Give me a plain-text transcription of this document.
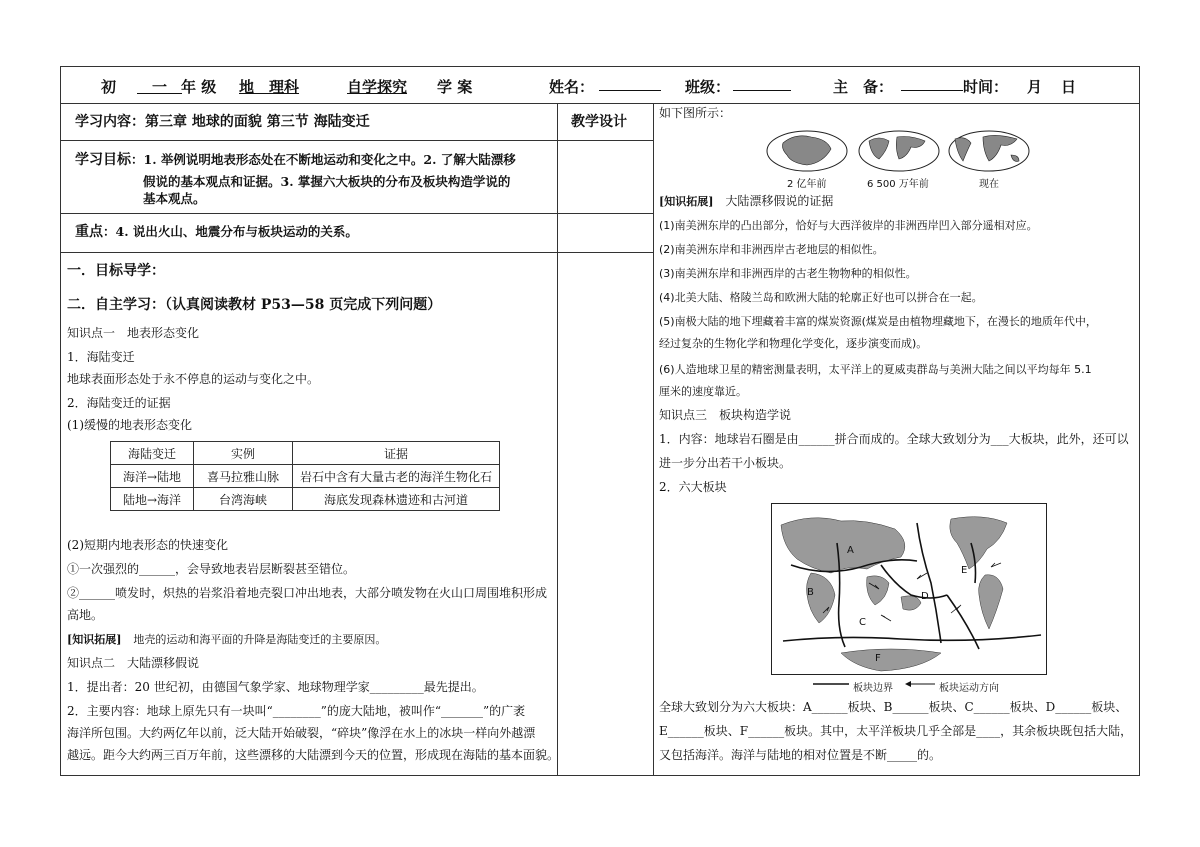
初
 	一  年 级 地　理科	自学探究 学 案	姓名：	班级：	主　备：	时间： 月 日
学习内容：第三章 地球的面貌 第三节 海陆变迁	教学设计
学习目标：1. 举例说明地表形态处在不断地运动和变化之中。2. 了解大陆漂移
假说的基本观点和证据。3. 掌握六大板块的分布及板块构造学说的
基本观点。
重点：4. 说出火山、地震分布与板块运动的关系。
一．目标导学：
二．自主学习：（认真阅读教材 P53—58 页完成下列问题）
知识点一　地表形态变化
1．海陆变迁
地球表面形态处于永不停息的运动与变化之中。
2．海陆变迁的证据
(1)缓慢的地表形态变化
海陆变迁	实例	证据
海洋→陆地	喜马拉雅山脉	岩石中含有大量古老的海洋生物化石
陆地→海洋	台湾海峡	海底发现森林遗迹和古河道
(2)短期内地表形态的快速变化
①一次强烈的______，会导致地表岩层断裂甚至错位。
②______喷发时，炽热的岩浆沿着地壳裂口冲出地表，大部分喷发物在火山口周围堆积形成
高地。
[知识拓展]  地壳的运动和海平面的升降是海陆变迁的主要原因。
知识点二　大陆漂移假说
1．提出者：20 世纪初，由德国气象学家、地球物理学家_________最先提出。
2．主要内容：地球上原先只有一块叫“________”的庞大陆地，被叫作“_______”的广袤
海洋所包围。大约两亿年以前，泛大陆开始破裂，“碎块”像浮在水上的冰块一样向外越漂
越远。距今大约两三百万年前，这些漂移的大陆漂到今天的位置，形成现在海陆的基本面貌。
如下图所示：
2 亿年前	6 500 万年前	现在
[知识拓展]  大陆漂移假说的证据
(1)南美洲东岸的凸出部分，恰好与大西洋彼岸的非洲西岸凹入部分遥相对应。
(2)南美洲东岸和非洲西岸古老地层的相似性。
(3)南美洲东岸和非洲西岸的古老生物物种的相似性。
(4)北美大陆、格陵兰岛和欧洲大陆的轮廓正好也可以拼合在一起。
(5)南极大陆的地下埋藏着丰富的煤炭资源(煤炭是由植物埋藏地下，在漫长的地质年代中，
经过复杂的生物化学和物理化学变化，逐步演变而成)。
(6)人造地球卫星的精密测量表明，太平洋上的夏威夷群岛与美洲大陆之间以平均每年 5.1
厘米的速度靠近。
知识点三　板块构造学说
1．内容：地球岩石圈是由______拼合而成的。全球大致划分为___大板块，此外，还可以
进一步分出若干小板块。
2．六大板块
A
B
C
D
E
F
板块边界	板块运动方向
全球大致划分为六大板块：A______板块、B______板块、C______板块、D______板块、
E______板块、F______板块。其中，太平洋板块几乎全部是____，其余板块既包括大陆，
又包括海洋。海洋与陆地的相对位置是不断_____的。
